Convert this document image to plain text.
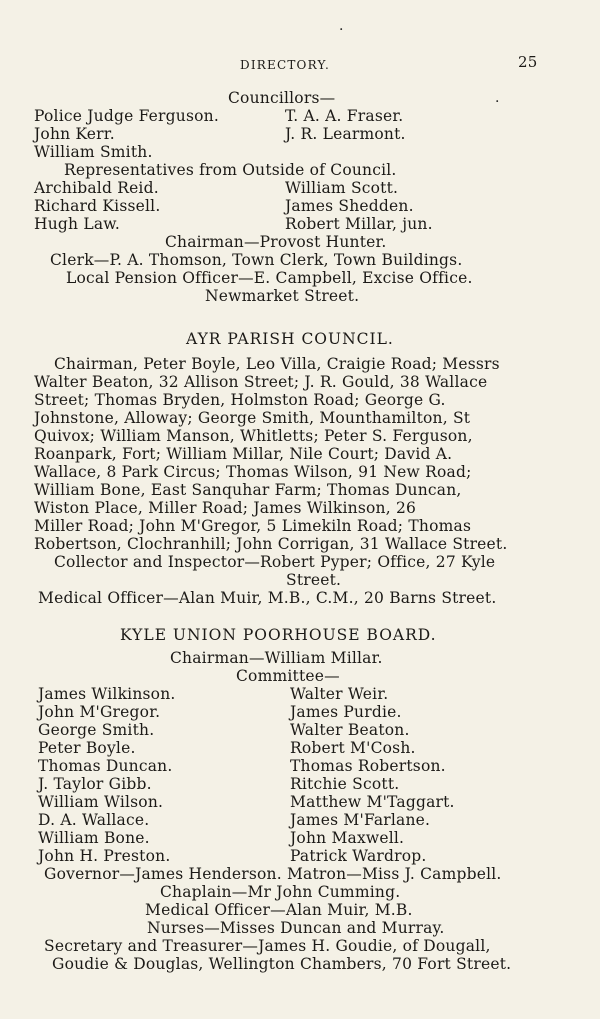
·
·
DIRECTORY.	25
Councillors—
Police Judge Ferguson.	T. A. A. Fraser.
John Kerr.	J. R. Learmont.
William Smith.
Representatives from Outside of Council.
Archibald Reid.	William Scott.
Richard Kissell.	James Shedden.
Hugh Law.	Robert Millar, jun.
Chairman—Provost Hunter.
Clerk—P. A. Thomson, Town Clerk, Town Buildings.
Local Pension Officer—E. Campbell, Excise Office.
Newmarket Street.
AYR PARISH COUNCIL.
Chairman, Peter Boyle, Leo Villa, Craigie Road; Messrs
Walter Beaton, 32 Allison Street; J. R. Gould, 38 Wallace
Street; Thomas Bryden, Holmston Road; George G.
Johnstone, Alloway; George Smith, Mounthamilton, St
Quivox; William Manson, Whitletts; Peter S. Ferguson,
Roanpark, Fort; William Millar, Nile Court; David A.
Wallace, 8 Park Circus; Thomas Wilson, 91 New Road;
William Bone, East Sanquhar Farm; Thomas Duncan,
Wiston Place, Miller Road; James Wilkinson, 26
Miller Road; John M'Gregor, 5 Limekiln Road; Thomas
Robertson, Clochranhill; John Corrigan, 31 Wallace Street.
Collector and Inspector—Robert Pyper; Office, 27 Kyle
Street.
Medical Officer—Alan Muir, M.B., C.M., 20 Barns Street.
KYLE UNION POORHOUSE BOARD.
Chairman—William Millar.
Committee—
James Wilkinson.	Walter Weir.
John M'Gregor.	James Purdie.
George Smith.	Walter Beaton.
Peter Boyle.	Robert M'Cosh.
Thomas Duncan.	Thomas Robertson.
J. Taylor Gibb.	Ritchie Scott.
William Wilson.	Matthew M'Taggart.
D. A. Wallace.	James M'Farlane.
William Bone.	John Maxwell.
John H. Preston.	Patrick Wardrop.
Governor—James Henderson. Matron—Miss J. Campbell.
Chaplain—Mr John Cumming.
Medical Officer—Alan Muir, M.B.
Nurses—Misses Duncan and Murray.
Secretary and Treasurer—James H. Goudie, of Dougall,
Goudie & Douglas, Wellington Chambers, 70 Fort Street.
